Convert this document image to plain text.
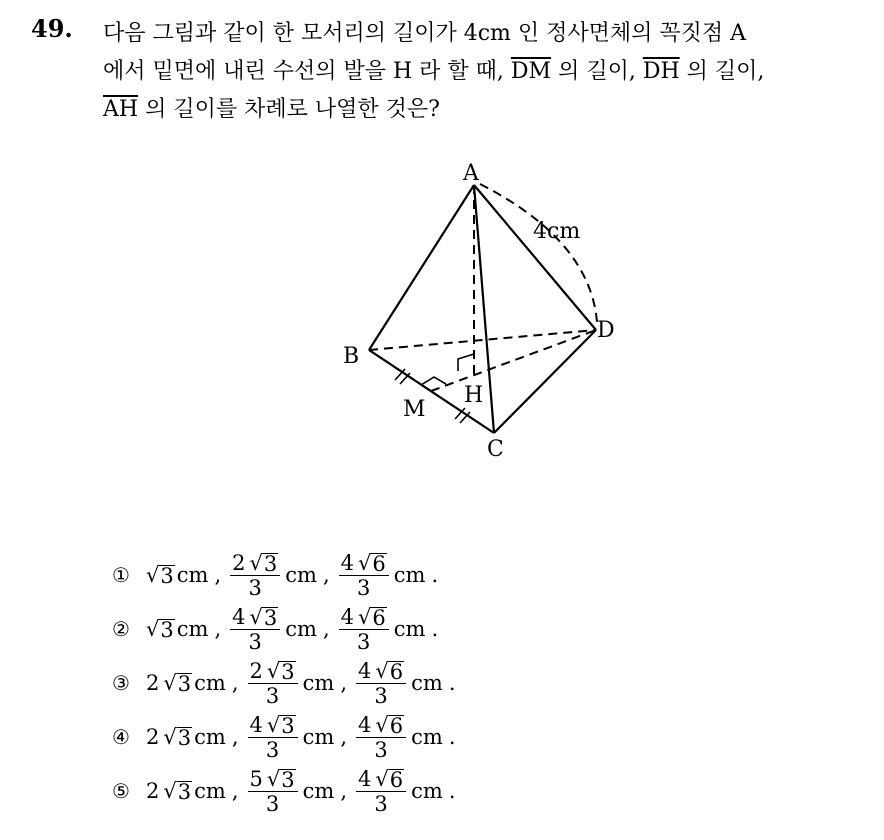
49. 다음 그림과 같이 한 모서리의 길이가 4cm 인 정사면체의 꼭짓점 A
에서 밑면에 내린 수선의 발을 H 라 할 때, $\overline{DM}$ 의 길이, $\overline{DH}$ 의 길이,
$\overline{AH}$ 의 길이를 차례로 나열한 것은?
A
B
C
D
H
M
4cm
① √ 3 cm , $\frac{2 √ 3}{3}$ cm , $\frac{4 √ 6}{3}$ cm .
② √ 3 cm , $\frac{4 √ 3}{3}$ cm , $\frac{4 √ 6}{3}$ cm .
③ 2 √ 3 cm , $\frac{2 √ 3}{3}$ cm , $\frac{4 √ 6}{3}$ cm .
④ 2 √ 3 cm , $\frac{4 √ 3}{3}$ cm , $\frac{4 √ 6}{3}$ cm .
⑤ 2 √ 3 cm , $\frac{5 √ 3}{3}$ cm , $\frac{4 √ 6}{3}$ cm .
